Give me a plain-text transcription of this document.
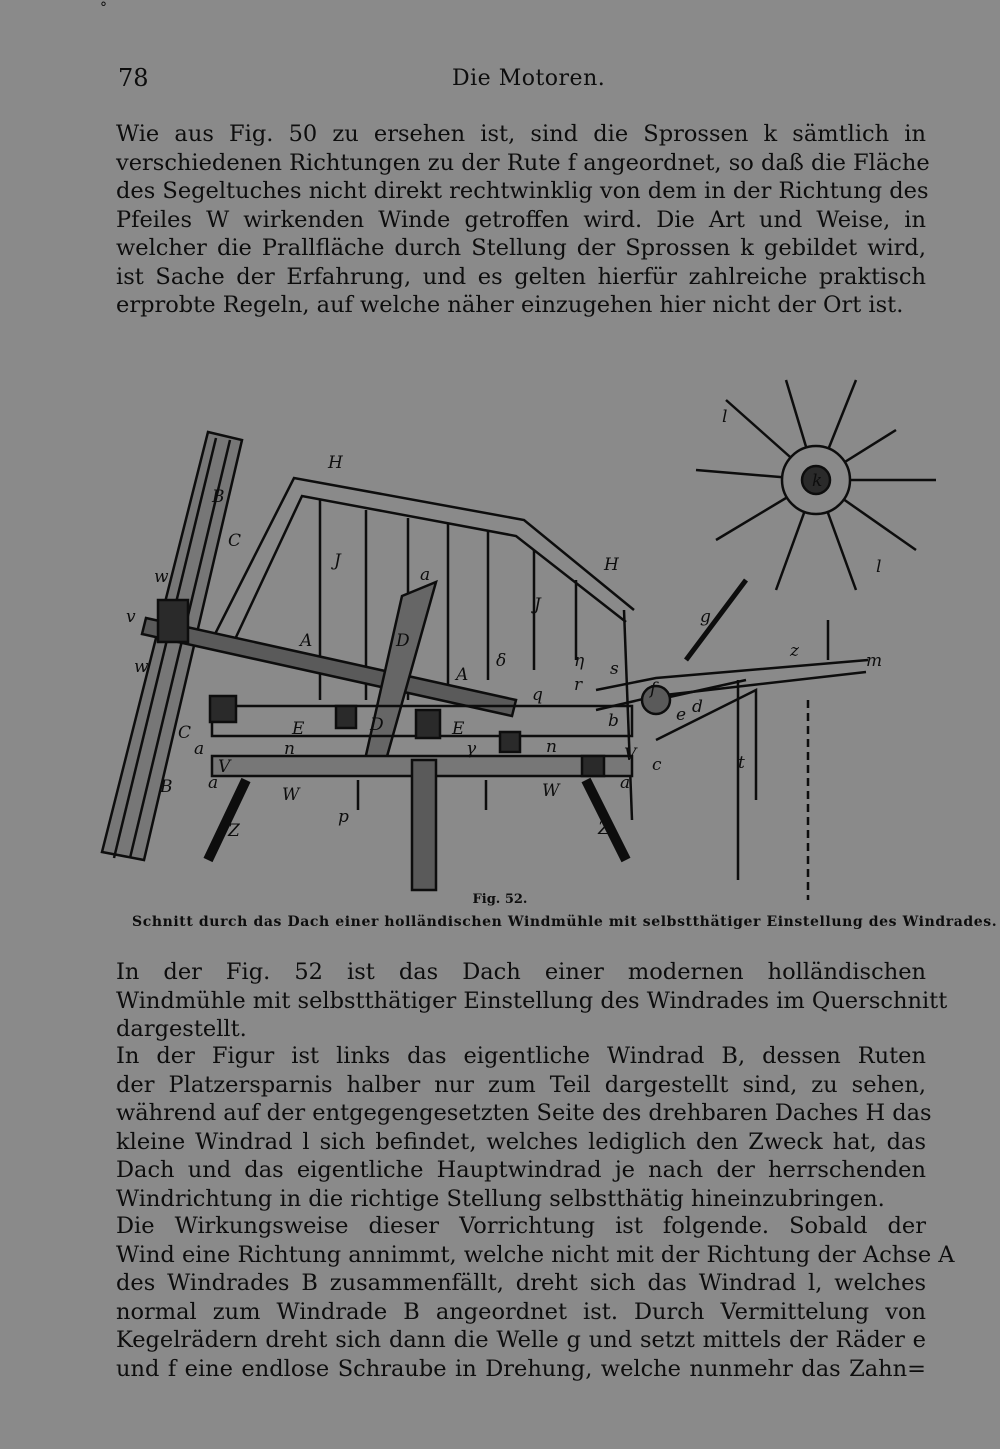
°
78	Die Motoren.
Wie aus Fig. 50 zu ersehen ist, sind die Sprossen k sämtlich in
verschiedenen Richtungen zu der Rute f angeordnet, so daß die Fläche
des Segeltuches nicht direkt rechtwinklig von dem in der Richtung des
Pfeiles W wirkenden Winde getroffen wird. Die Art und Weise, in
welcher die Prallfläche durch Stellung der Sprossen k gebildet wird,
ist Sache der Erfahrung, und es gelten hierfür zahlreiche praktisch
erprobte Regeln, auf welche näher einzugehen hier nicht der Ort ist.
H
H
J
J
B
B
C
C
w
w
v
A
A
a
a
a	a
D
D
E	E
n	n
V
V
W	W
Z	Z
p
γ
δ	η
q r
s
b
d
e
c
f
g
t
m
z
k
l
l
Fig. 52.
Schnitt durch das Dach einer holländischen Windmühle mit selbstthätiger Einstellung des Windrades.
In der Fig. 52 ist das Dach einer modernen holländischen
Windmühle mit selbstthätiger Einstellung des Windrades im Querschnitt
dargestellt.
In der Figur ist links das eigentliche Windrad B, dessen Ruten
der Platzersparnis halber nur zum Teil dargestellt sind, zu sehen,
während auf der entgegengesetzten Seite des drehbaren Daches H das
kleine Windrad l sich befindet, welches lediglich den Zweck hat, das
Dach und das eigentliche Hauptwindrad je nach der herrschenden
Windrichtung in die richtige Stellung selbstthätig hineinzubringen.
Die Wirkungsweise dieser Vorrichtung ist folgende. Sobald der
Wind eine Richtung annimmt, welche nicht mit der Richtung der Achse A
des Windrades B zusammenfällt, dreht sich das Windrad l, welches
normal zum Windrade B angeordnet ist. Durch Vermittelung von
Kegelrädern dreht sich dann die Welle g und setzt mittels der Räder e
und f eine endlose Schraube in Drehung, welche nunmehr das Zahn=
